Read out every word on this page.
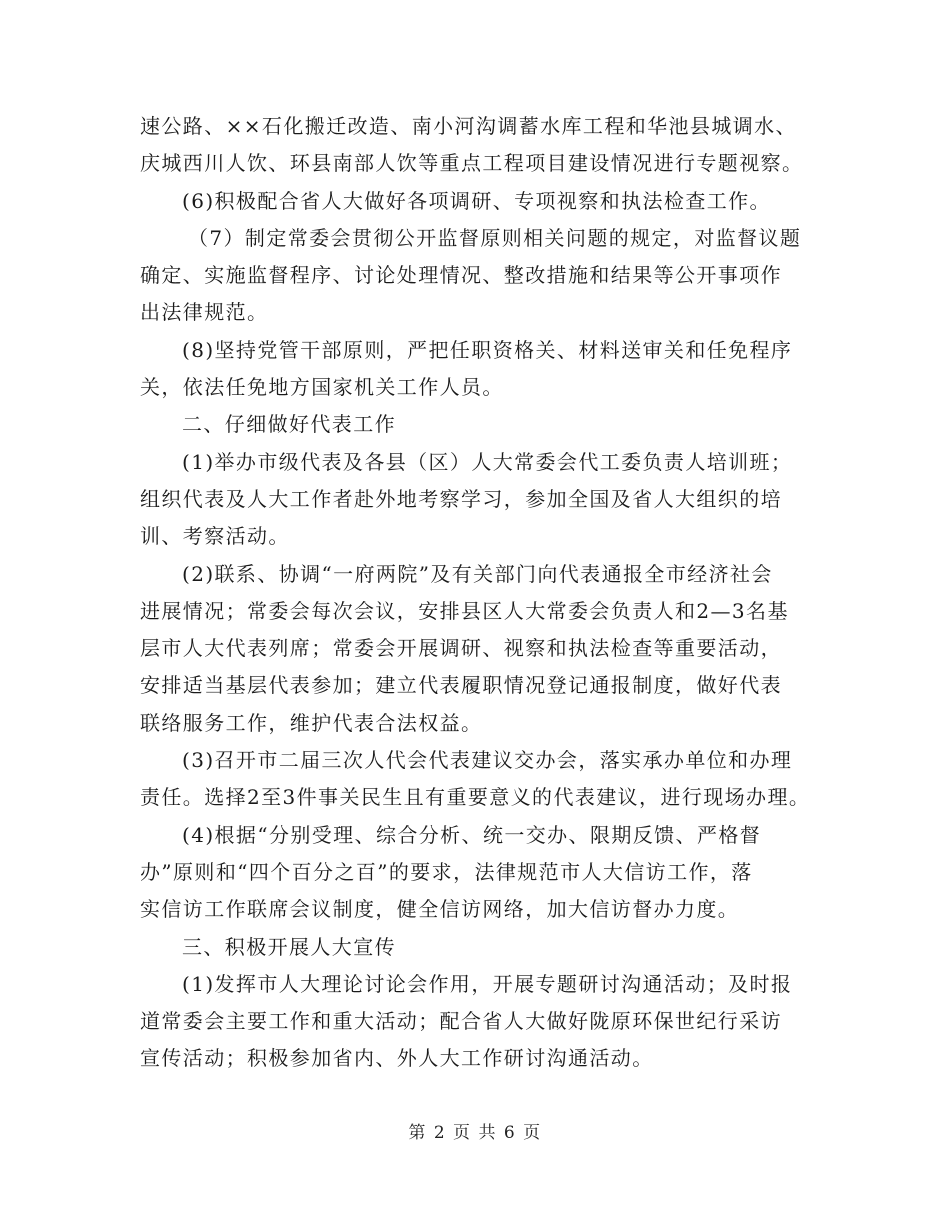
速公路、××石化搬迁改造、南小河沟调蓄水库工程和华池县城调水、
庆城西川人饮、环县南部人饮等重点工程项目建设情况进行专题视察。
(6)积极配合省人大做好各项调研、专项视察和执法检查工作。
（7）制定常委会贯彻公开监督原则相关问题的规定，对监督议题
确定、实施监督程序、讨论处理情况、整改措施和结果等公开事项作
出法律规范。
(8)坚持党管干部原则，严把任职资格关、材料送审关和任免程序
关，依法任免地方国家机关工作人员。
二、仔细做好代表工作
(1)举办市级代表及各县（区）人大常委会代工委负责人培训班；
组织代表及人大工作者赴外地考察学习，参加全国及省人大组织的培
训、考察活动。
(2)联系、协调“一府两院”及有关部门向代表通报全市经济社会
进展情况；常委会每次会议，安排县区人大常委会负责人和2—3名基
层市人大代表列席；常委会开展调研、视察和执法检查等重要活动，
安排适当基层代表参加；建立代表履职情况登记通报制度，做好代表
联络服务工作，维护代表合法权益。
(3)召开市二届三次人代会代表建议交办会，落实承办单位和办理
责任。选择2至3件事关民生且有重要意义的代表建议，进行现场办理。
(4)根据“分别受理、综合分析、统一交办、限期反馈、严格督
办”原则和“四个百分之百”的要求，法律规范市人大信访工作，落
实信访工作联席会议制度，健全信访网络，加大信访督办力度。
三、积极开展人大宣传
(1)发挥市人大理论讨论会作用，开展专题研讨沟通活动；及时报
道常委会主要工作和重大活动；配合省人大做好陇原环保世纪行采访
宣传活动；积极参加省内、外人大工作研讨沟通活动。
第 2 页 共 6 页
